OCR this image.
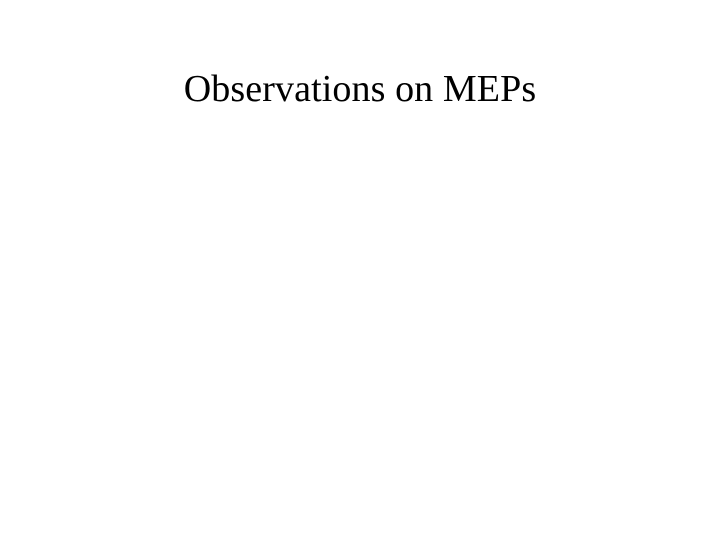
Observations on MEPs
